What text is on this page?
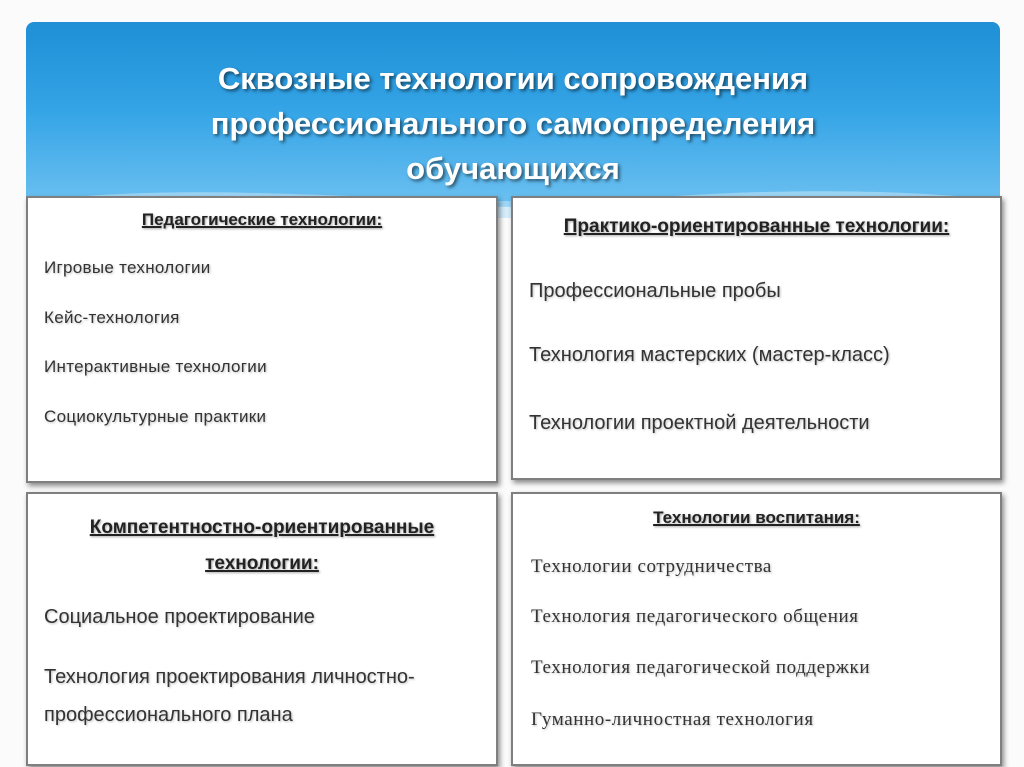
Сквозные технологии сопровождения
профессионального самоопределения
обучающихся
Педагогические технологии:
Игровые технологии
Кейс-технология
Интерактивные технологии
Социокультурные практики
Практико-ориентированные технологии:
Профессиональные пробы
Технология мастерских (мастер-класс)
Технологии проектной деятельности
Компетентностно-ориентированные
технологии:
Социальное проектирование
Технология проектирования личностно-
профессионального плана
Технологии воспитания:
Технологии сотрудничества
Технология педагогического общения
Технология педагогической поддержки
Гуманно-личностная технология
